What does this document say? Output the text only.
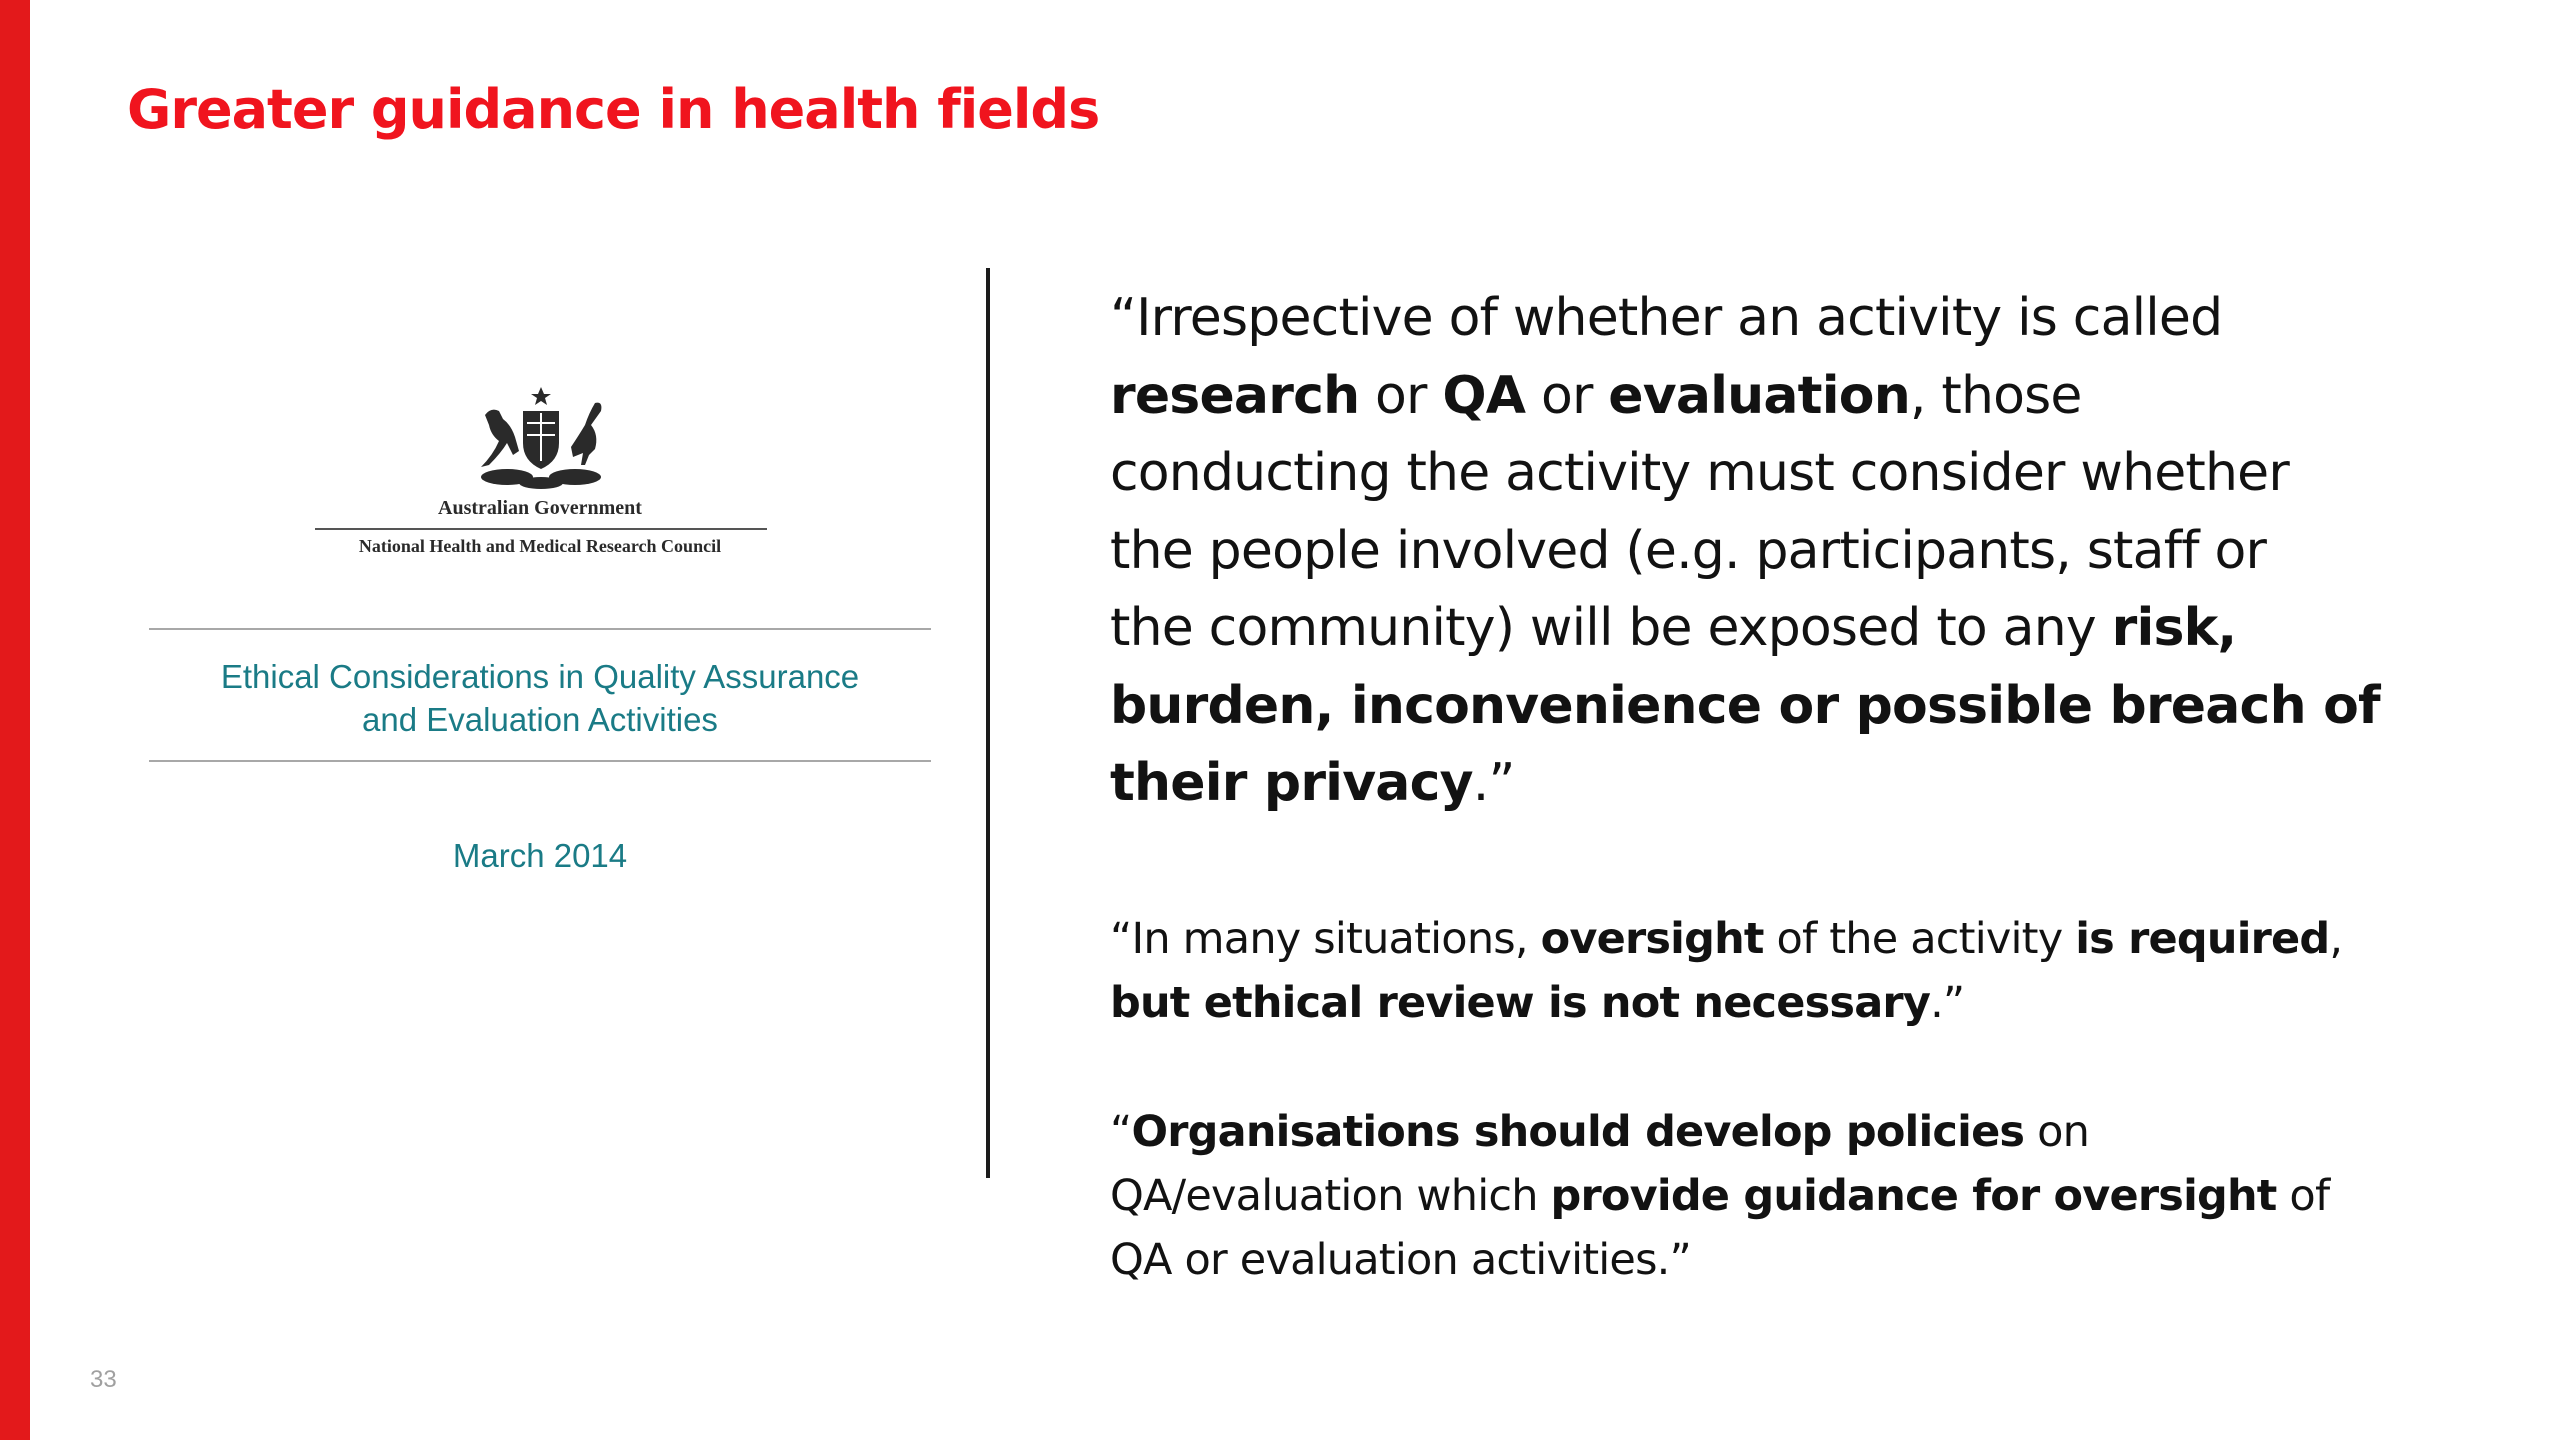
Greater guidance in health fields
Australian Government
National Health and Medical Research Council
Ethical Considerations in Quality Assurance
and Evaluation Activities
March 2014
“Irrespective of whether an activity is called
research or QA or evaluation, those
conducting the activity must consider whether
the people involved (e.g. participants, staff or
the community) will be exposed to any risk,
burden, inconvenience or possible breach of
their privacy.”
“In many situations, oversight of the activity is required,
but ethical review is not necessary.”
“Organisations should develop policies on
QA/evaluation which provide guidance for oversight of
QA or evaluation activities.”
33
